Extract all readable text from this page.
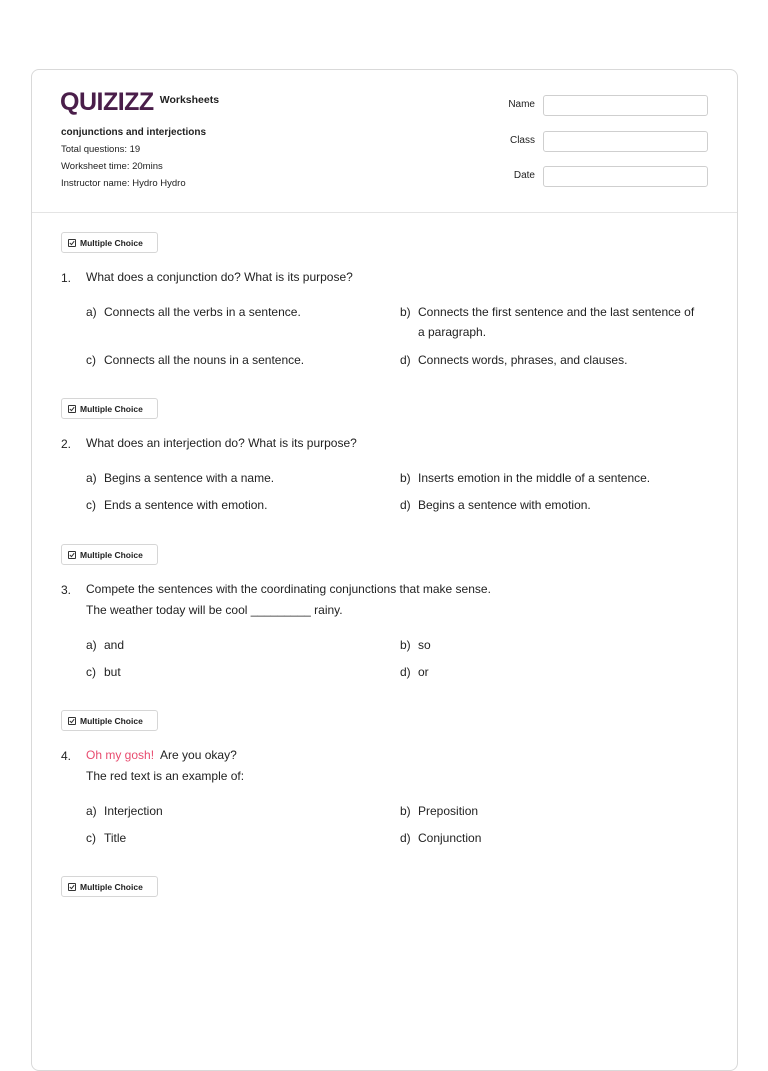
QUIZIZZ Worksheets
conjunctions and interjections
Total questions: 19
Worksheet time: 20mins
Instructor name: Hydro Hydro
Name
Class
Date
Multiple Choice
1. What does a conjunction do? What is its purpose?
a) Connects all the verbs in a sentence.	b) Connects the first sentence and the last sentence of
a paragraph.
c) Connects all the nouns in a sentence.	d) Connects words, phrases, and clauses.
Multiple Choice
2. What does an interjection do? What is its purpose?
a) Begins a sentence with a name.	b) Inserts emotion in the middle of a sentence.
c) Ends a sentence with emotion.	d) Begins a sentence with emotion.
Multiple Choice
3. Compete the sentences with the coordinating conjunctions that make sense.
The weather today will be cool _________ rainy.
a) and	b) so
c) but	d) or
Multiple Choice
4. Oh my gosh!  Are you okay?
The red text is an example of:
a) Interjection	b) Preposition
c) Title	d) Conjunction
Multiple Choice
